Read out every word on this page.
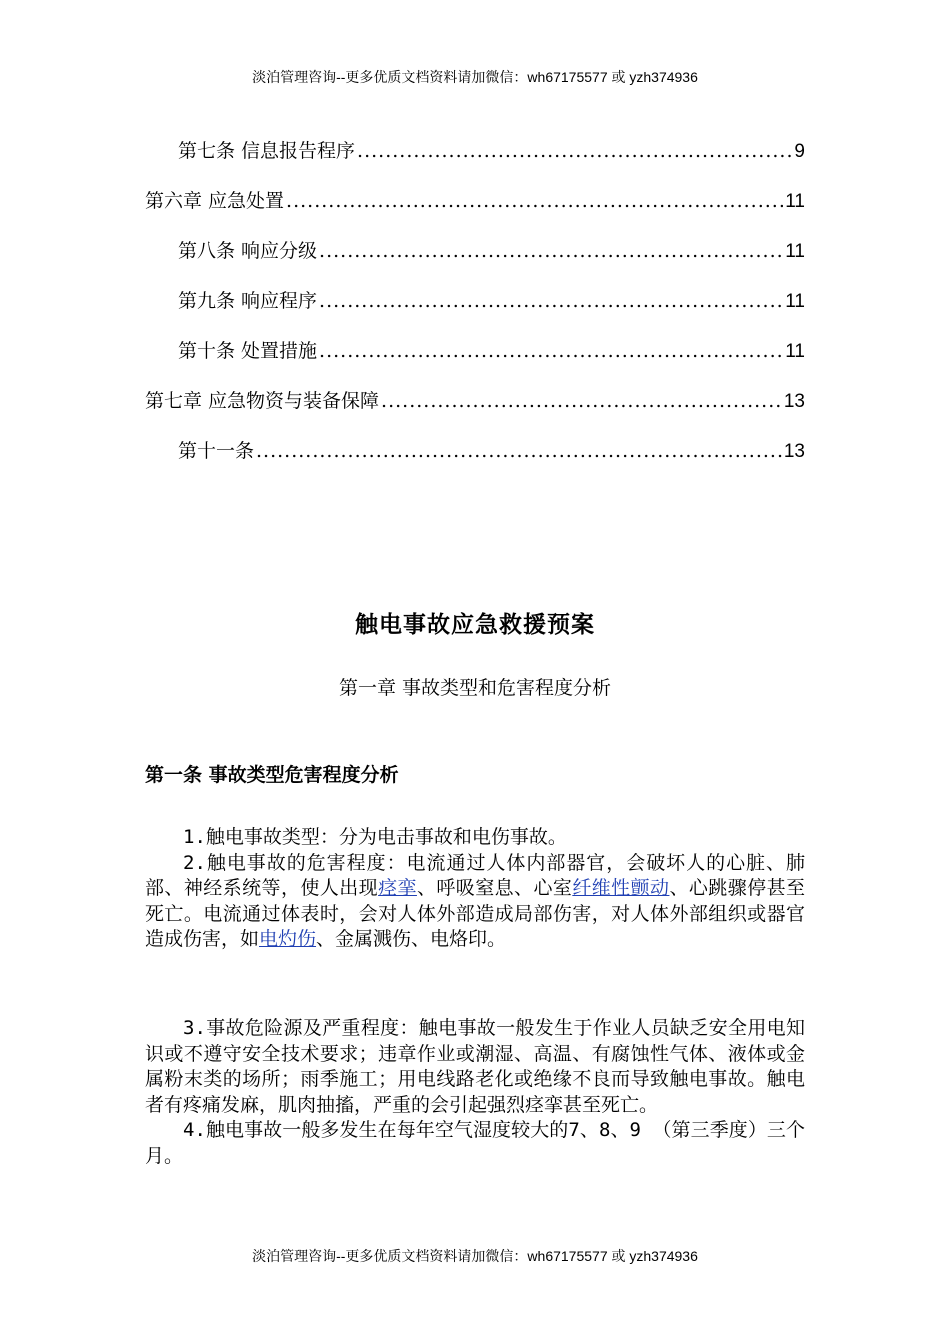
淡泊管理咨询--更多优质文档资料请加微信：wh67175577 或 yzh374936
第七条 信息报告程序 .....	9
第六章 应急处置 .....	11
第八条 响应分级 .....	11
第九条 响应程序 .....	11
第十条 处置措施 .....	11
第七章 应急物资与装备保障 .....	13
第十一条 .....	13
触电事故应急救援预案
第一章 事故类型和危害程度分析
第一条 事故类型危害程度分析

1.触电事故类型：分为电击事故和电伤事故。

2.触电事故的危害程度：电流通过人体内部器官，会破坏人的心脏、肺部、神经系统等，使人出现痉挛、呼吸窒息、心室纤维性颤动、心跳骤停甚至死亡。电流通过体表时，会对人体外部造成局部伤害，对人体外部组织或器官造成伤害，如电灼伤、金属溅伤、电烙印。

3.事故危险源及严重程度：触电事故一般发生于作业人员缺乏安全用电知识或不遵守安全技术要求；违章作业或潮湿、高温、有腐蚀性气体、液体或金属粉末类的场所；雨季施工；用电线路老化或绝缘不良而导致触电事故。触电者有疼痛发麻，肌肉抽搐，严重的会引起强烈痉挛甚至死亡。

4.触电事故一般多发生在每年空气湿度较大的7、8、9 （第三季度）三个月。

淡泊管理咨询--更多优质文档资料请加微信：wh67175577 或 yzh374936
